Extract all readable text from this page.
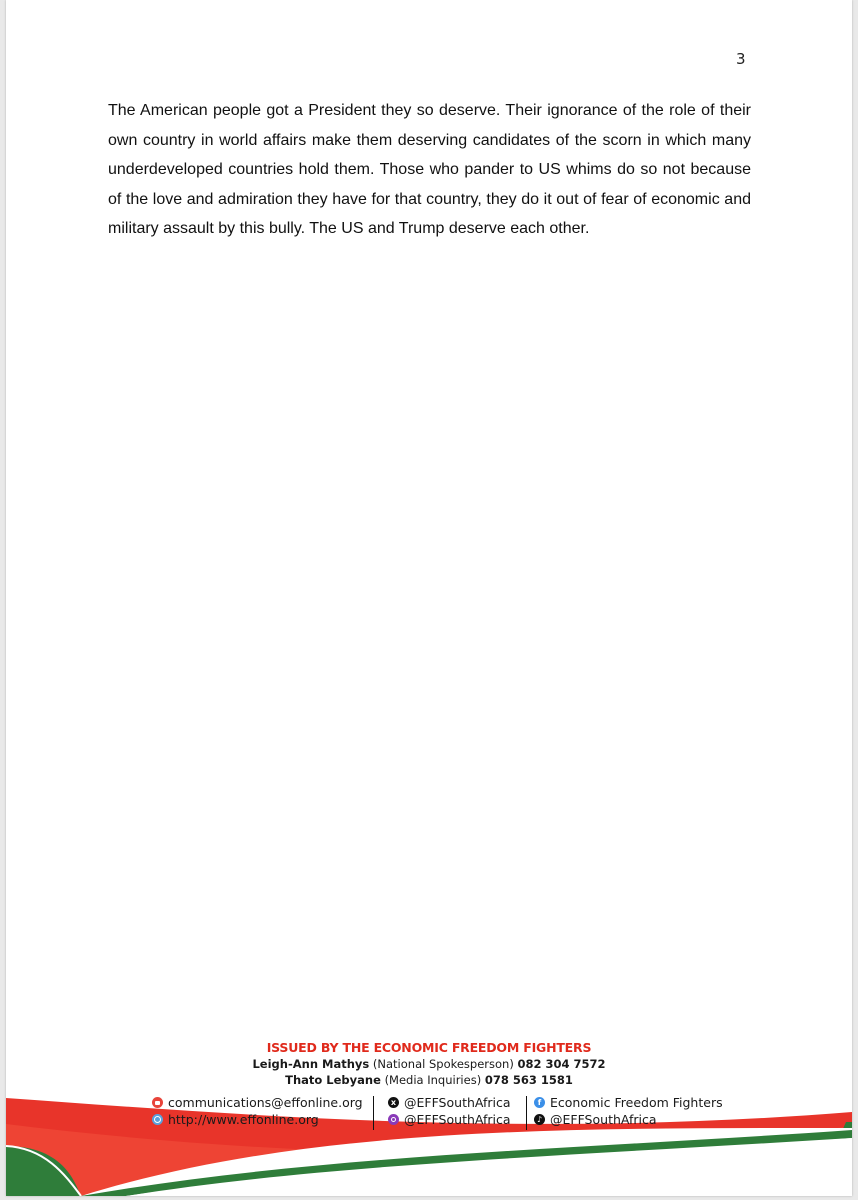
3

The American people got a President they so deserve. Their ignorance of the role of their own country in world affairs make them deserving candidates of the scorn in which many underdeveloped countries hold them. Those who pander to US whims do so not because of the love and admiration they have for that country, they do it out of fear of economic and military assault by this bully. The US and Trump deserve each other.

ISSUED BY THE ECONOMIC FREEDOM FIGHTERS
Leigh-Ann Mathys (National Spokesperson) 082 304 7572
Thato Lebyane (Media Inquiries) 078 563 1581
communications@effonline.org
http://www.effonline.org
x @EFFSouthAfrica
@EFFSouthAfrica
f Economic Freedom Fighters
♪ @EFFSouthAfrica
